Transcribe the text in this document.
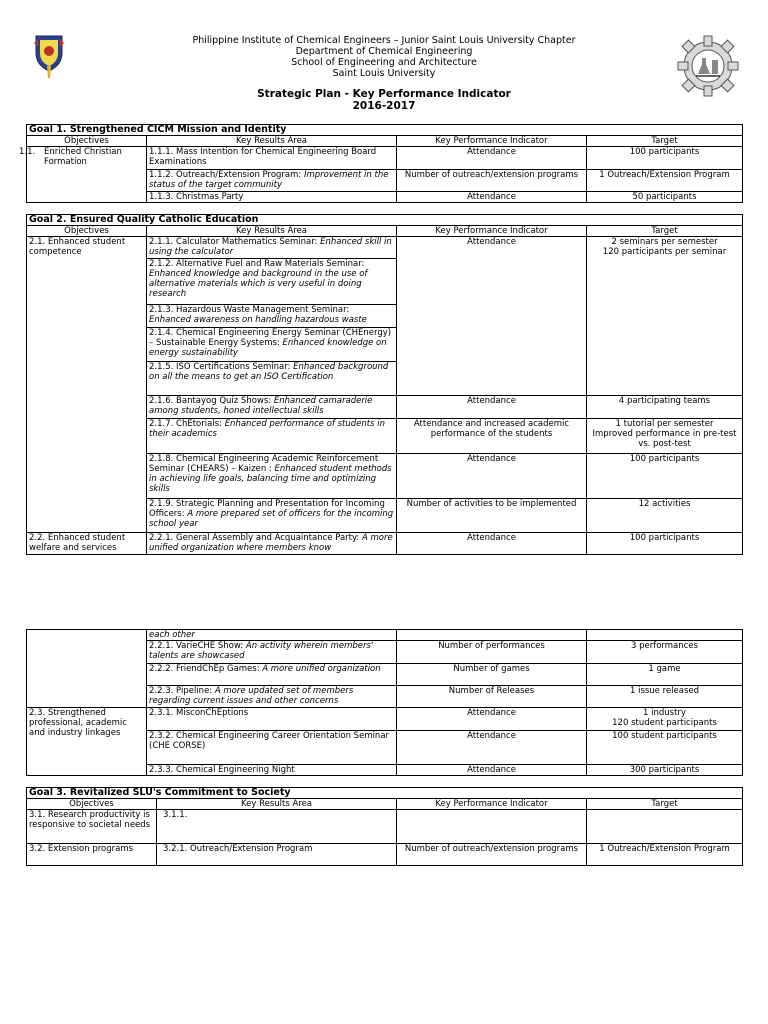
Philippine Institute of Chemical Engineers – Junior Saint Louis University Chapter
Department of Chemical Engineering
School of Engineering and Architecture
Saint Louis University
Strategic Plan - Key Performance Indicator
2016-2017
Goal 1. Strengthened CICM Mission and Identity			
Objectives	Key Results Area	Key Performance Indicator	Target

1.1. Enriched Christian Formation	1.1.1. Mass Intention for Chemical Engineering Board Examinations	Attendance	100 participants
	1.1.2. Outreach/Extension Program: Improvement in the status of the target community	Number of outreach/extension programs	1 Outreach/Extension Program
	1.1.3. Christmas Party	Attendance	50 participants
Goal 2. Ensured Quality Catholic Education			
Objectives	Key Results Area	Key Performance Indicator	Target
2.1. Enhanced student competence	2.1.1. Calculator Mathematics Seminar: Enhanced skill in using the calculator	Attendance	2 seminars per semester
120 participants per seminar

	2.1.2. Alternative Fuel and Raw Materials Seminar: Enhanced knowledge and background in the use of alternative materials which is very useful in doing research		
	2.1.3. Hazardous Waste Management Seminar: Enhanced awareness on handling hazardous waste		
	2.1.4. Chemical Engineering Energy Seminar (CHEnergy) – Sustainable Energy Systems: Enhanced knowledge on energy sustainability		
	2.1.5. ISO Certifications Seminar: Enhanced background on all the means to get an ISO Certification		
	2.1.6. Bantayog Quiz Shows: Enhanced camaraderie among students, honed intellectual skills	Attendance	4 participating teams
	2.1.7. ChEtorials: Enhanced performance of students in their academics	Attendance and increased academic performance of the students	1 tutorial per semester
Improved performance in pre-test vs. post-test

	2.1.8. Chemical Engineering Academic Reinforcement Seminar (CHEARS) – Kaizen : Enhanced student methods in achieving life goals, balancing time and optimizing skills	Attendance	100 participants
	2.1.9. Strategic Planning and Presentation for Incoming Officers: A more prepared set of officers for the incoming school year	Number of activities to be implemented	12 activities
2.2. Enhanced student welfare and services	2.2.1. General Assembly and Acquaintance Party: A more unified organization where members know	Attendance	100 participants
	each other		
	2.2.1. VarieCHE Show: An activity wherein members' talents are showcased	Number of performances	3 performances
	2.2.2. FriendChEp Games: A more unified organization	Number of games	1 game
	2.2.3. Pipeline: A more updated set of members regarding current issues and other concerns	Number of Releases	1 issue released
2.3. Strengthened professional, academic and industry linkages	2.3.1. MisconChEptions	Attendance	1 industry
120 student participants

	2.3.2. Chemical Engineering Career Orientation Seminar
(CHE CORSE)	Attendance	100 student participants
	2.3.3. Chemical Engineering Night	Attendance	300 participants
Goal 3. Revitalized SLU's Commitment to Society			
Objectives	Key Results Area	Key Performance Indicator	Target
3.1. Research productivity is responsive to societal needs	3.1.1.		
3.2. Extension programs	3.2.1. Outreach/Extension Program	Number of outreach/extension programs	1 Outreach/Extension Program
